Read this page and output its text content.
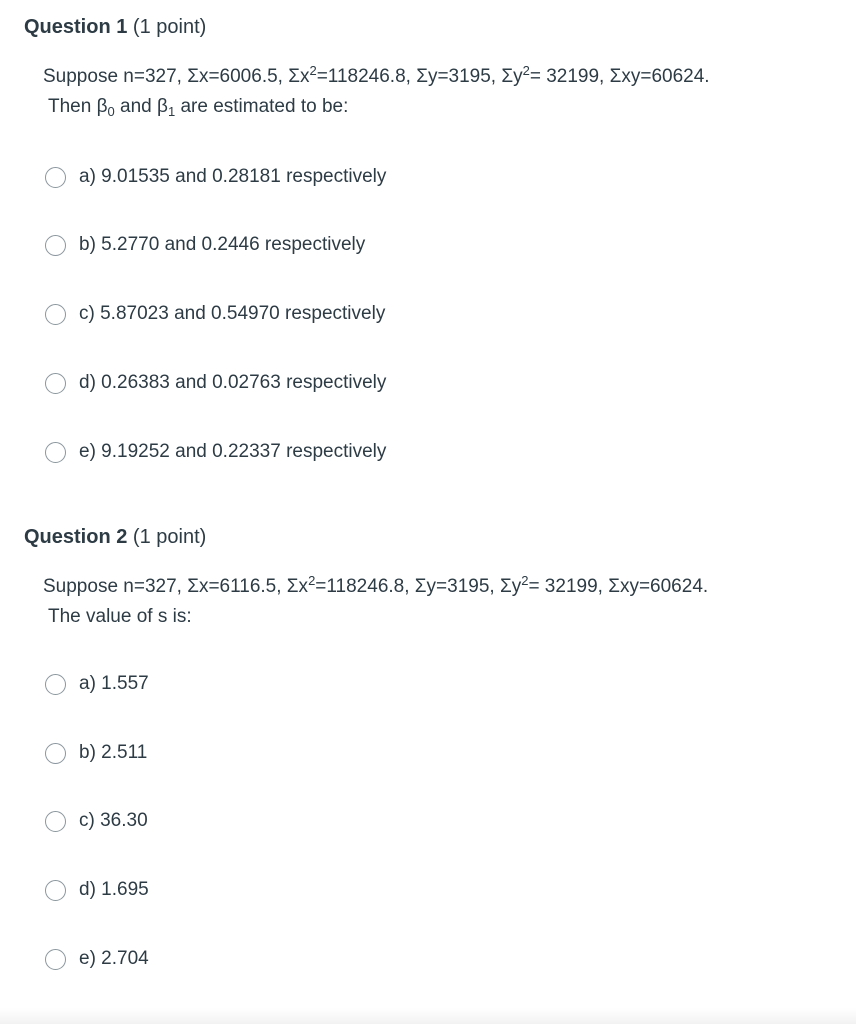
Question 1 (1 point)
Suppose n=327, Σx=6006.5, $\Sigma x^2=118246.8$, Σy=3195, $\Sigma y^2= 32199$, Σxy=60624.
Then $\beta_0$ and $\beta_1$ are estimated to be:
a) 9.01535 and 0.28181 respectively
b) 5.2770 and 0.2446 respectively
c) 5.87023 and 0.54970 respectively
d) 0.26383 and 0.02763 respectively
e) 9.19252 and 0.22337 respectively
Question 2 (1 point)
Suppose n=327, Σx=6116.5, $\Sigma x^2=118246.8$, Σy=3195, $\Sigma y^2= 32199$, Σxy=60624.
The value of s is:
a) 1.557
b) 2.511
c) 36.30
d) 1.695
e) 2.704
